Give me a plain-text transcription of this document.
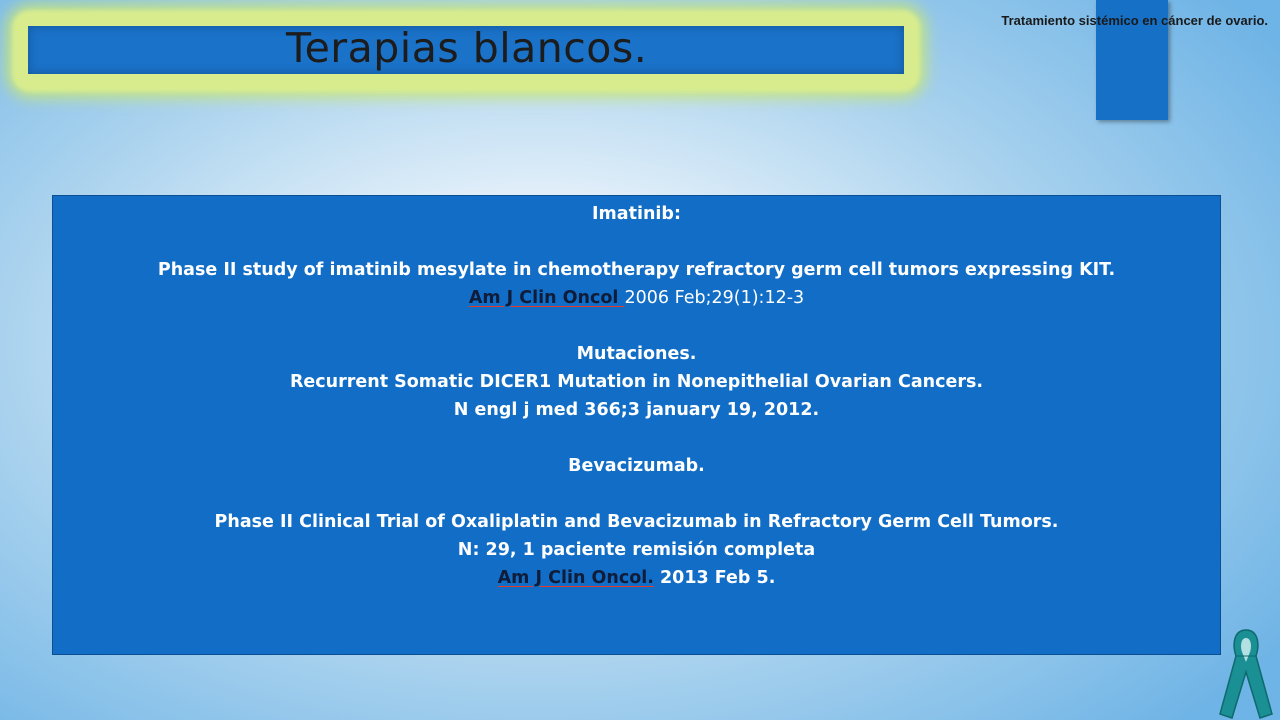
Terapias blancos.
Tratamiento sistémico en cáncer de ovario.

Imatinib:

Phase II study of imatinib mesylate in chemotherapy refractory germ cell tumors expressing KIT.

Am J Clin Oncol 2006 Feb;29(1):12-3

Mutaciones.

Recurrent Somatic DICER1 Mutation in Nonepithelial Ovarian Cancers.

N engl j med 366;3 january 19, 2012.

Bevacizumab.

Phase II Clinical Trial of Oxaliplatin and Bevacizumab in Refractory Germ Cell Tumors.

N: 29, 1 paciente remisión completa

Am J Clin Oncol. 2013 Feb 5.
